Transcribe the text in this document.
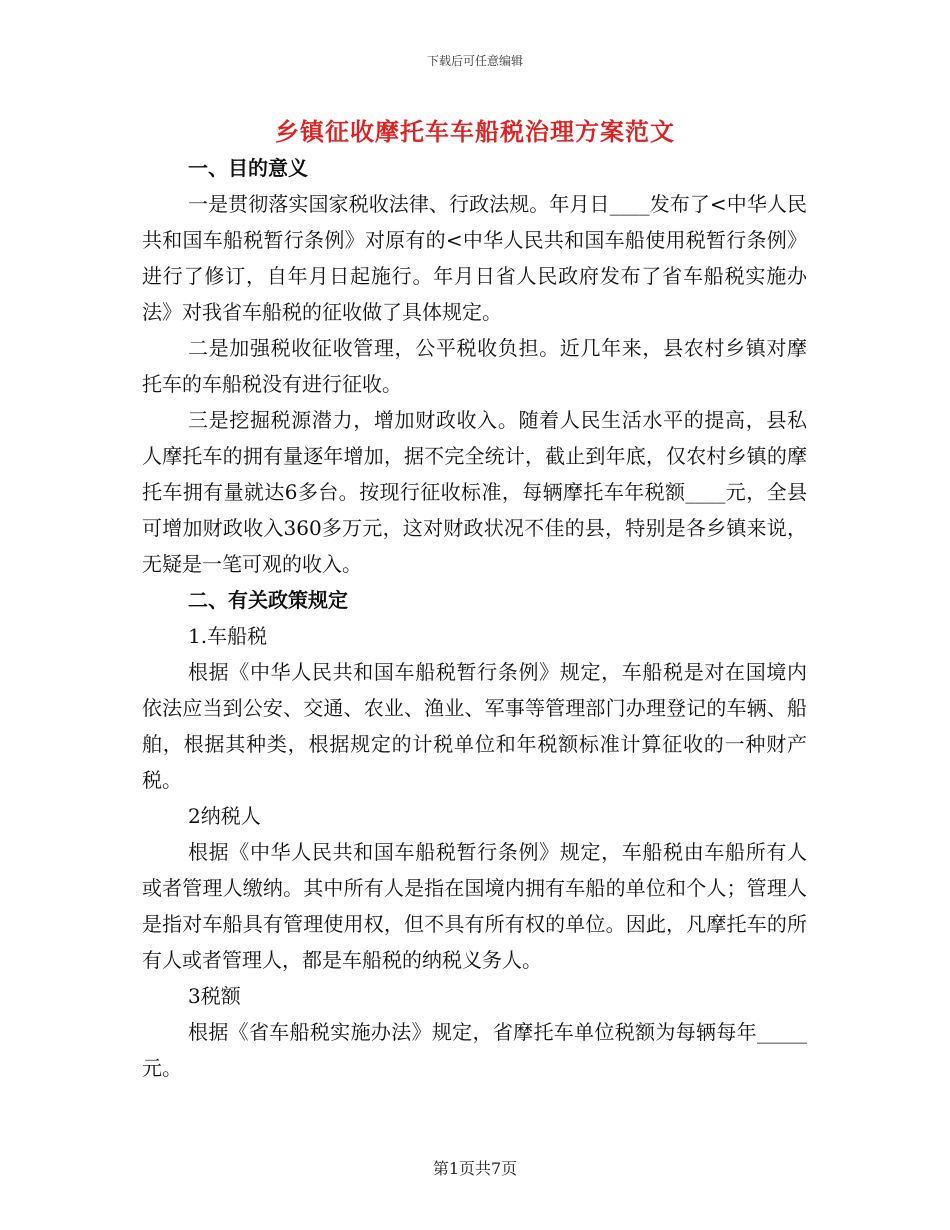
下载后可任意编辑
乡镇征收摩托车车船税治理方案范文

一、目的意义

一是贯彻落实国家税收法律、行政法规。年月日____发布了<中华人民共和国车船税暂行条例》对原有的<中华人民共和国车船使用税暂行条例》进行了修订，自年月日起施行。年月日省人民政府发布了省车船税实施办法》对我省车船税的征收做了具体规定。

二是加强税收征收管理，公平税收负担。近几年来，县农村乡镇对摩托车的车船税没有进行征收。

三是挖掘税源潜力，增加财政收入。随着人民生活水平的提高，县私人摩托车的拥有量逐年增加，据不完全统计，截止到年底，仅农村乡镇的摩托车拥有量就达6多台。按现行征收标准，每辆摩托车年税额____元，全县可增加财政收入360多万元，这对财政状况不佳的县，特别是各乡镇来说，无疑是一笔可观的收入。

二、有关政策规定

1.车船税

根据《中华人民共和国车船税暂行条例》规定，车船税是对在国境内依法应当到公安、交通、农业、渔业、军事等管理部门办理登记的车辆、船舶，根据其种类，根据规定的计税单位和年税额标准计算征收的一种财产税。

2纳税人

根据《中华人民共和国车船税暂行条例》规定，车船税由车船所有人或者管理人缴纳。其中所有人是指在国境内拥有车船的单位和个人；管理人是指对车船具有管理使用权，但不具有所有权的单位。因此，凡摩托车的所有人或者管理人，都是车船税的纳税义务人。

3税额

根据《省车船税实施办法》规定，省摩托车单位税额为每辆每年_____元。

第1页共7页
